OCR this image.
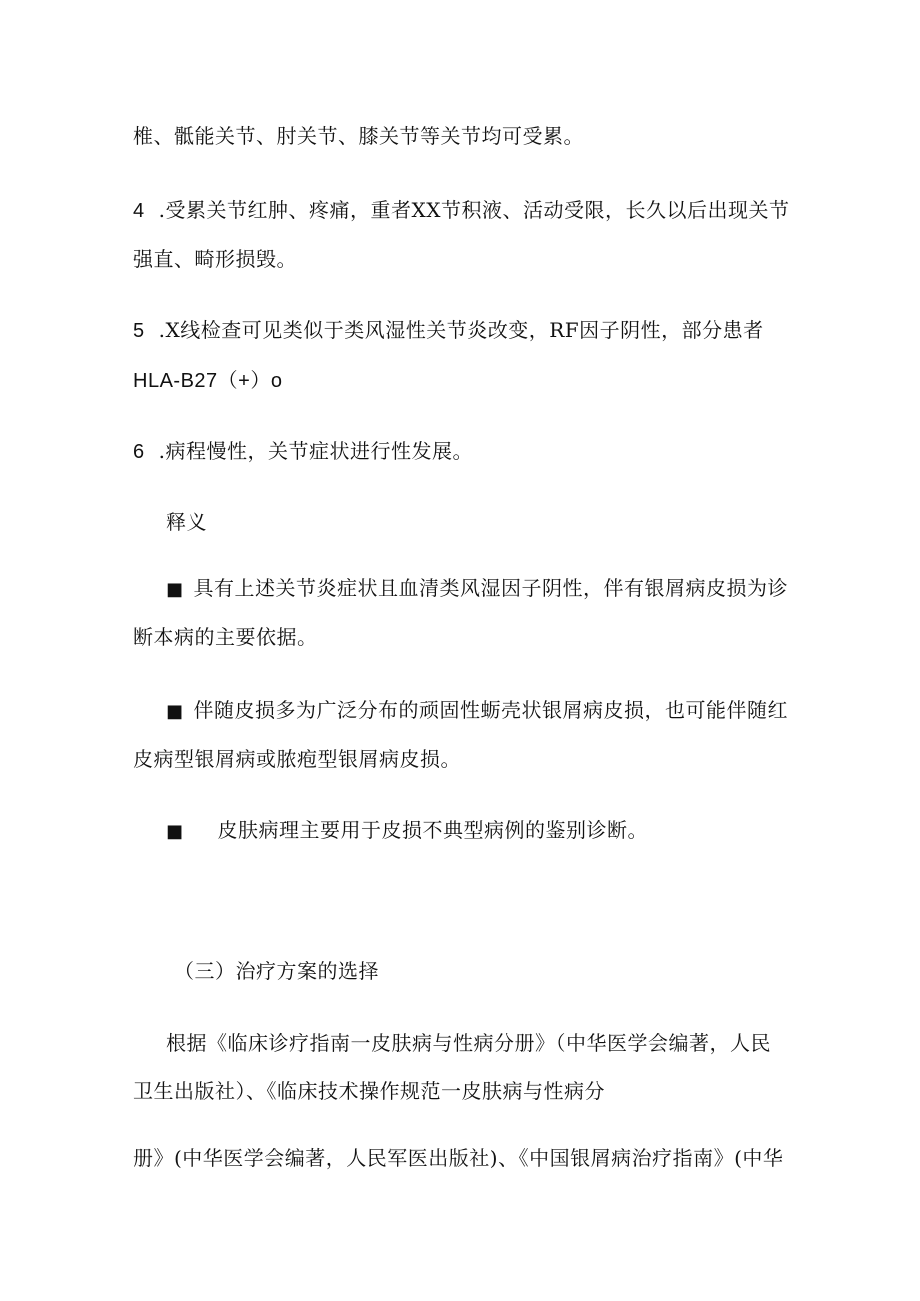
椎、骶能关节、肘关节、膝关节等关节均可受累。
4 .受累关节红肿、疼痛，重者XX节积液、活动受限，长久以后出现关节
强直、畸形损毁。
5 .X线检查可见类似于类风湿性关节炎改变，RF因子阴性，部分患者
HLA-B27（+）o
6 .病程慢性，关节症状进行性发展。
释义
■ 具有上述关节炎症状且血清类风湿因子阴性，伴有银屑病皮损为诊
断本病的主要依据。
■ 伴随皮损多为广泛分布的顽固性蛎壳状银屑病皮损，也可能伴随红
皮病型银屑病或脓疱型银屑病皮损。
■ 皮肤病理主要用于皮损不典型病例的鉴别诊断。
（三）治疗方案的选择
根据《临床诊疗指南一皮肤病与性病分册》（中华医学会编著，人民
卫生出版社）、《临床技术操作规范一皮肤病与性病分
册》(中华医学会编著，人民军医出版社)、《中国银屑病治疗指南》(中华
